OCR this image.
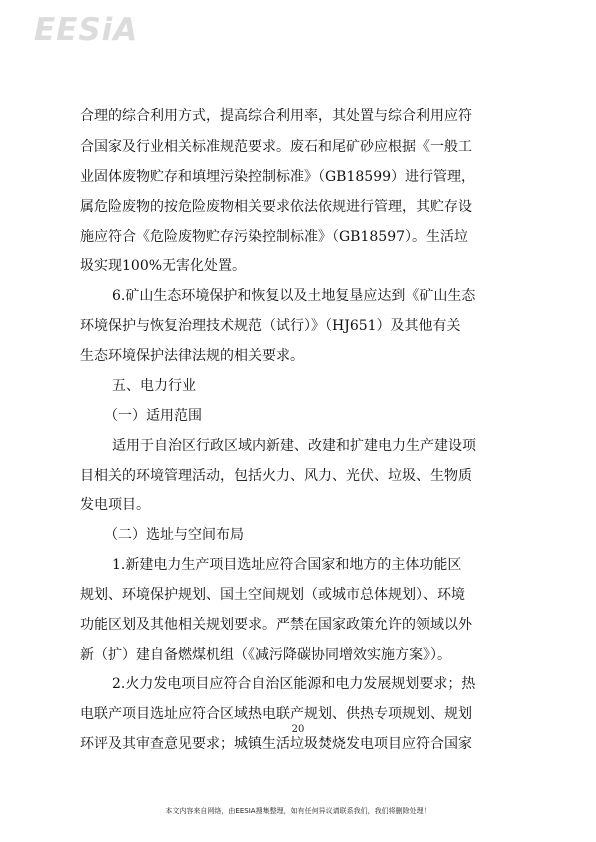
EESiA
合理的综合利用方式，提高综合利用率，其处置与综合利用应符
合国家及行业相关标准规范要求。废石和尾矿砂应根据《一般工
业固体废物贮存和填埋污染控制标准》（GB18599）进行管理，
属危险废物的按危险废物相关要求依法依规进行管理，其贮存设
施应符合《危险废物贮存污染控制标准》（GB18597）。生活垃
圾实现100%无害化处置。
6.矿山生态环境保护和恢复以及土地复垦应达到《矿山生态
环境保护与恢复治理技术规范（试行）》（HJ651）及其他有关
生态环境保护法律法规的相关要求。
五、电力行业
（一）适用范围
适用于自治区行政区域内新建、改建和扩建电力生产建设项
目相关的环境管理活动，包括火力、风力、光伏、垃圾、生物质
发电项目。
（二）选址与空间布局
1.新建电力生产项目选址应符合国家和地方的主体功能区
规划、环境保护规划、国土空间规划（或城市总体规划）、环境
功能区划及其他相关规划要求。严禁在国家政策允许的领域以外
新（扩）建自备燃煤机组（《减污降碳协同增效实施方案》）。
2.火力发电项目应符合自治区能源和电力发展规划要求；热
电联产项目选址应符合区域热电联产规划、供热专项规划、规划
环评及其审查意见要求；城镇生活垃圾焚烧发电项目应符合国家
20
本文内容来自网络，由EESIA搜集整理，如有任何异议请联系我们，我们将删除处理！
